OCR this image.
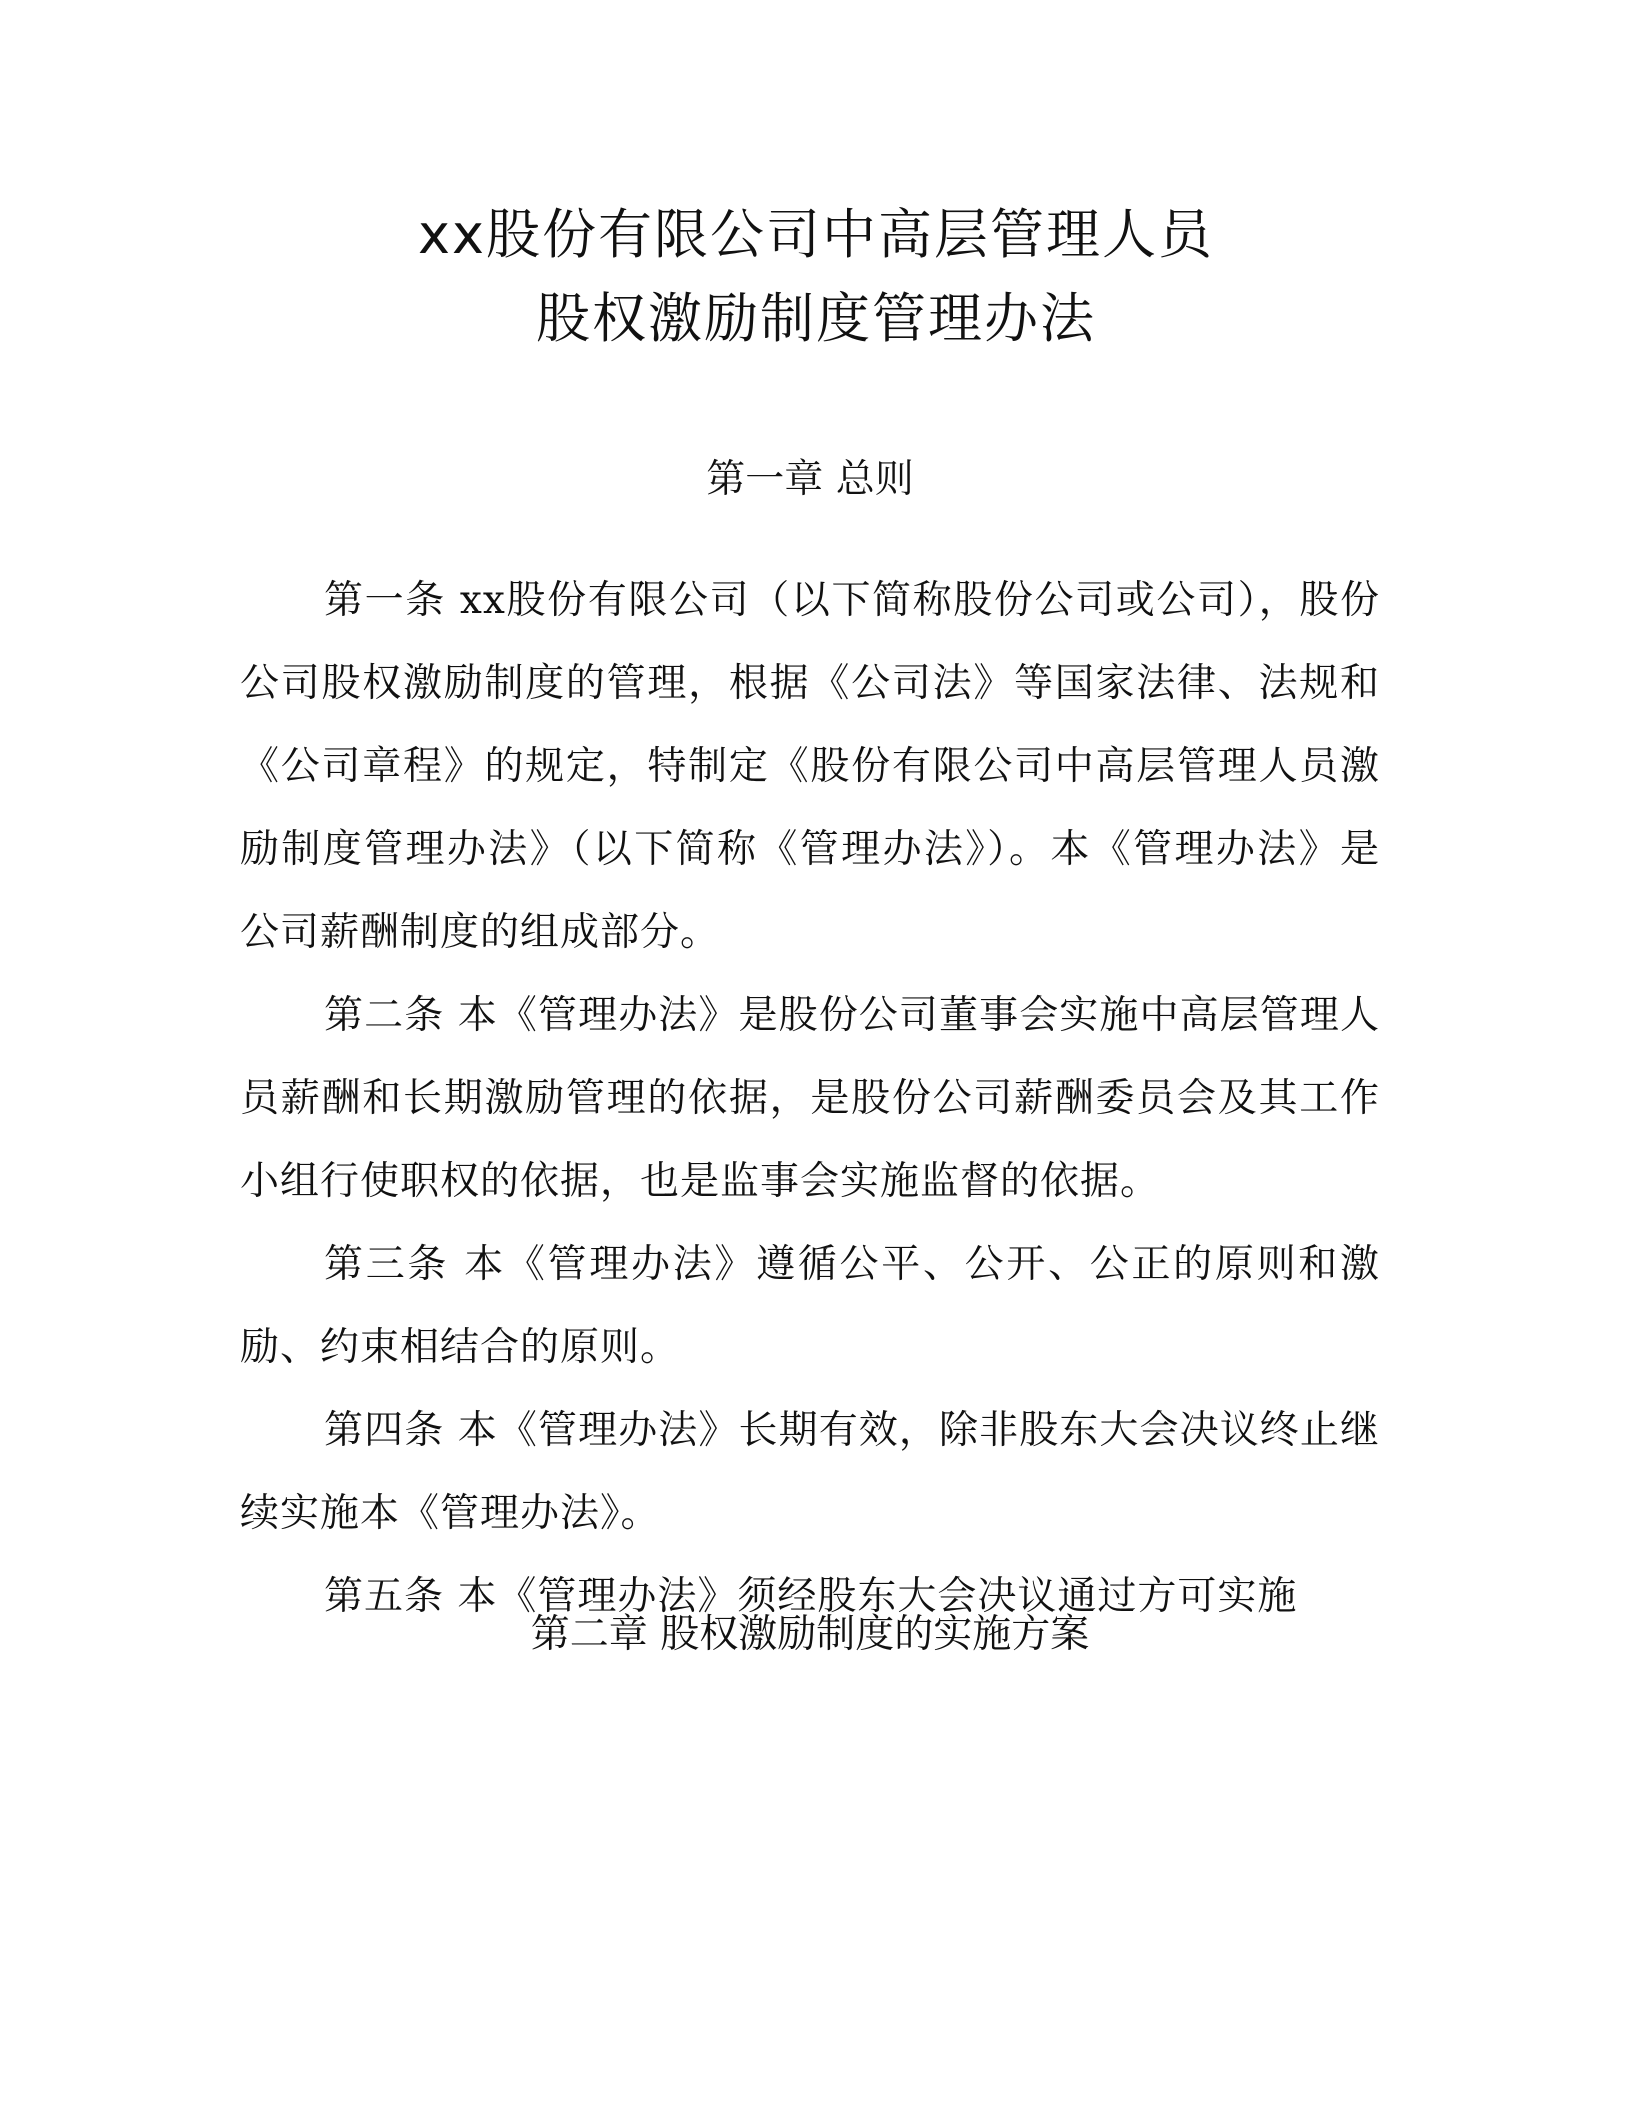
xx股份有限公司中高层管理人员
股权激励制度管理办法
第一章 总则

第一条 xx股份有限公司（以下简称股份公司或公司），股份公司股权激励制度的管理，根据《公司法》等国家法律、法规和《公司章程》的规定，特制定《股份有限公司中高层管理人员激励制度管理办法》（以下简称《管理办法》）。本《管理办法》是公司薪酬制度的组成部分。

第二条 本《管理办法》是股份公司董事会实施中高层管理人员薪酬和长期激励管理的依据，是股份公司薪酬委员会及其工作小组行使职权的依据，也是监事会实施监督的依据。

第三条 本《管理办法》遵循公平、公开、公正的原则和激励、约束相结合的原则。

第四条 本《管理办法》长期有效，除非股东大会决议终止继续实施本《管理办法》。

第五条 本《管理办法》须经股东大会决议通过方可实施

第二章 股权激励制度的实施方案
